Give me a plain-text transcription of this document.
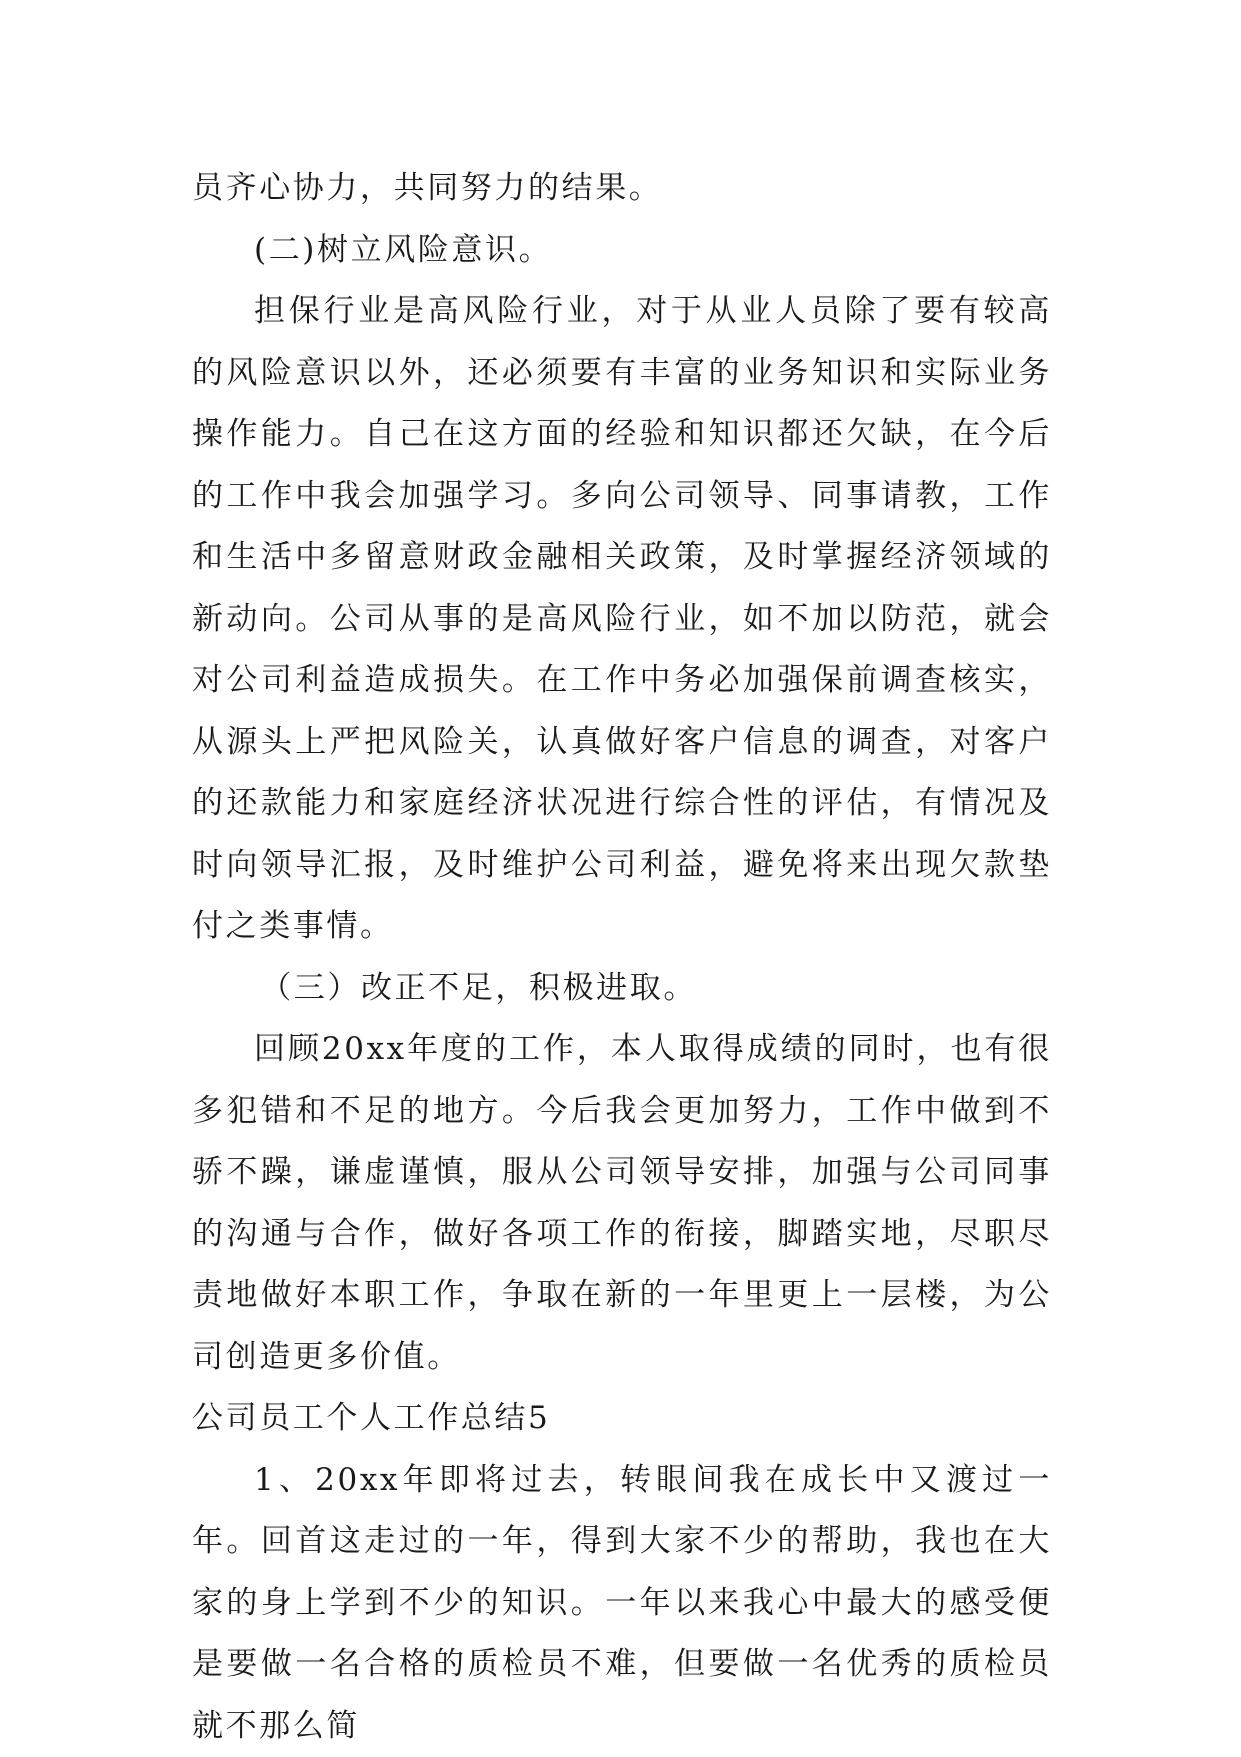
员齐心协力，共同努力的结果。

(二)树立风险意识。

担保行业是高风险行业，对于从业人员除了要有较高的风险意识以外，还必须要有丰富的业务知识和实际业务操作能力。自己在这方面的经验和知识都还欠缺，在今后的工作中我会加强学习。多向公司领导、同事请教，工作和生活中多留意财政金融相关政策，及时掌握经济领域的新动向。公司从事的是高风险行业，如不加以防范，就会对公司利益造成损失。在工作中务必加强保前调查核实，从源头上严把风险关，认真做好客户信息的调查，对客户的还款能力和家庭经济状况进行综合性的评估，有情况及时向领导汇报，及时维护公司利益，避免将来出现欠款垫付之类事情。

（三）改正不足，积极进取。

回顾20xx年度的工作，本人取得成绩的同时，也有很多犯错和不足的地方。今后我会更加努力，工作中做到不骄不躁，谦虚谨慎，服从公司领导安排，加强与公司同事的沟通与合作，做好各项工作的衔接，脚踏实地，尽职尽责地做好本职工作，争取在新的一年里更上一层楼，为公司创造更多价值。

公司员工个人工作总结5

1、20xx年即将过去，转眼间我在成长中又渡过一年。回首这走过的一年，得到大家不少的帮助，我也在大家的身上学到不少的知识。一年以来我心中最大的感受便是要做一名合格的质检员不难，但要做一名优秀的质检员就不那么简
